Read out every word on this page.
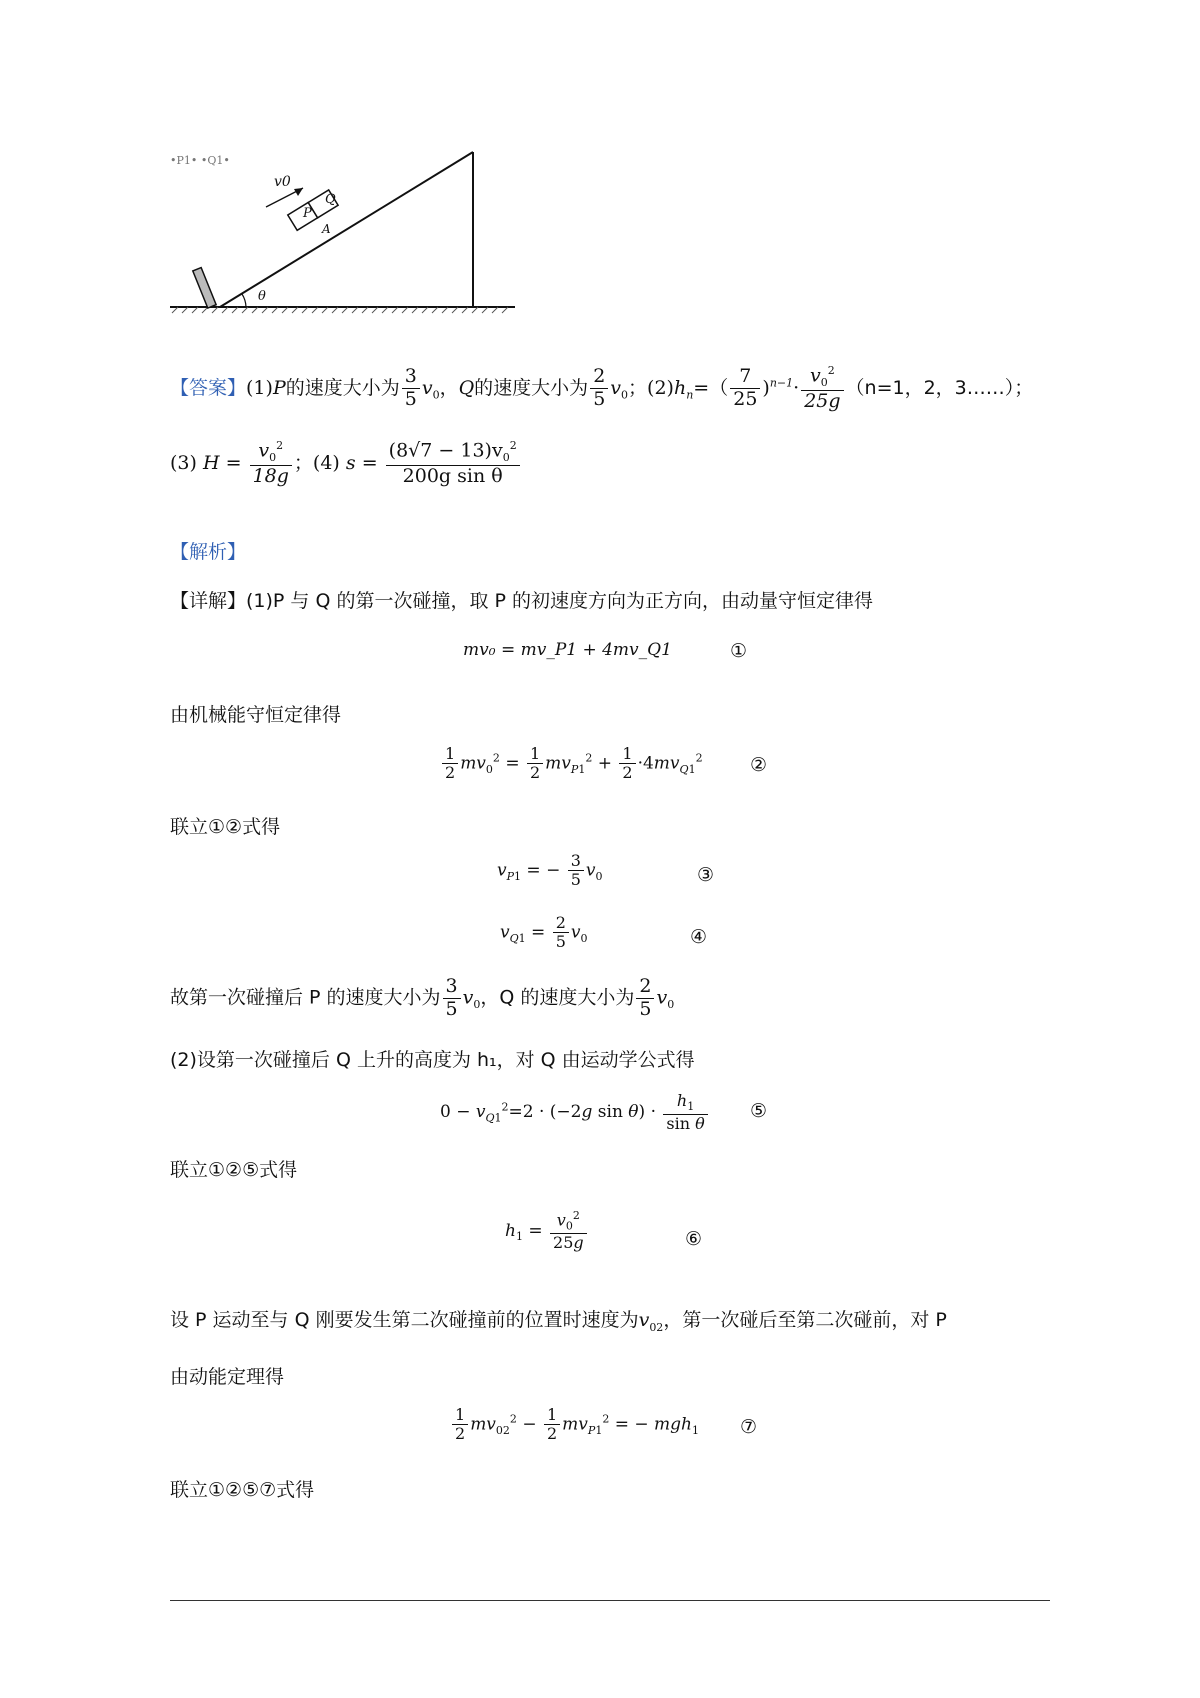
•P1• •Q1•
θ
P
Q
A
v0
【答案】(1)P的速度大小为 $\frac{3}{5} v_0$，Q的速度大小为 $\frac{2}{5} v_0$；$(2)h_n=( \frac{7}{25} )^{n-1}\cdot \frac{v_0^2}{25g} (n=1$，2，3……）；
(3) $H = \frac{v_0^2}{18g}$ ；(4) $s = \frac{(8√7 - 13)v_0^2}{\text{200g sin θ}}$
【解析】
【详解】(1)P 与 Q 的第一次碰撞，取 P 的初速度方向为正方向，由动量守恒定律得
mv₀ = mv_P1 + 4mv_Q1	①
由机械能守恒定律得
$\frac{1}{2} mv_0^2 = \frac{1}{2} mv_{P1}^2 + \frac{1}{2} \cdot 4mv_{Q1}^2$ ②
联立①②式得
$v_{P1}$ = − $\frac{3}{5} v_0$	③
$v_{Q1} = \frac{2}{5} v_0$	④
故第一次碰撞后 P 的速度大小为 $\frac{3}{5} v_0$，Q 的速度大小为 $\frac{2}{5} v_0$
(2)设第一次碰撞后 Q 上升的高度为 h₁，对 Q 由运动学公式得
$0 - v_{Q1}^2=2 \cdot (-2g$ $\sin \theta) \cdot \frac{h_1}{\text{sin θ}}$ ⑤
联立①②⑤式得
$h_1 = \frac{v_0^2}{25g}$	⑥
设 P 运动至与 Q 刚要发生第二次碰撞前的位置时速度为$v_{02}$，第一次碰后至第二次碰前，对 P
由动能定理得
$\frac{1}{2} mv_{02}^2 - \frac{1}{2} mv_{P1}^2$ = − mgh$_1$ ⑦
联立①②⑤⑦式得
